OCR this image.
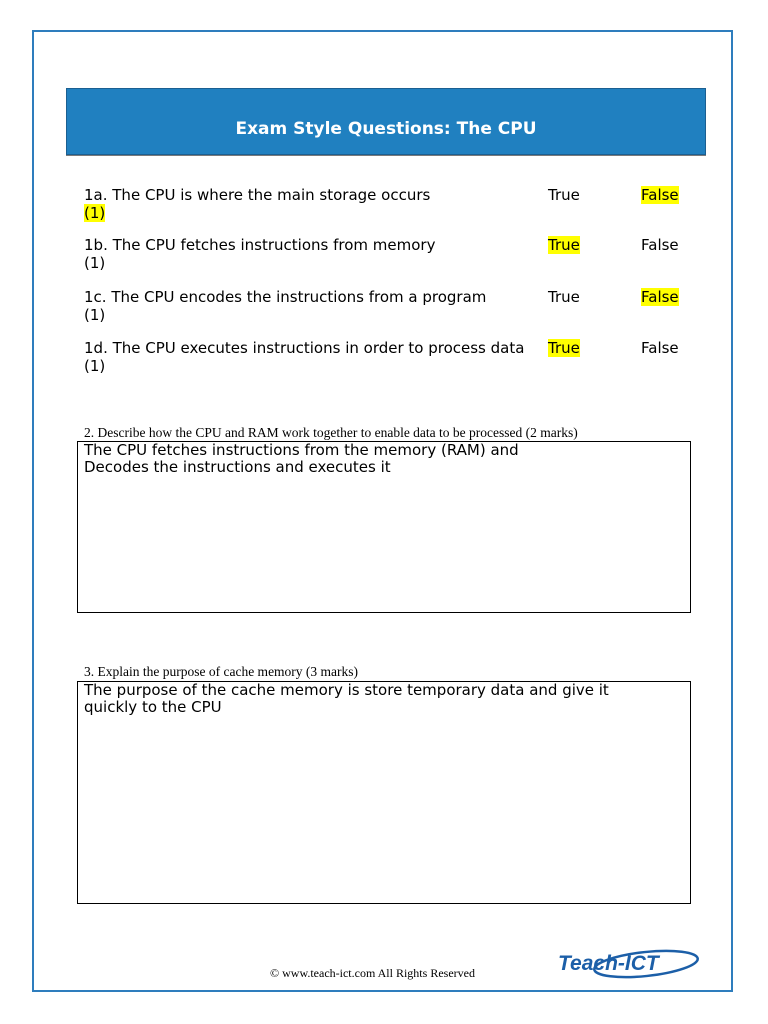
Exam Style Questions: The CPU
1a. The CPU is where the main storage occurs
(1)
True	False
1b. The CPU fetches instructions from memory
(1)
True	False
1c. The CPU encodes the instructions from a program
(1)
True	False
1d. The CPU executes instructions in order to process data
(1)
True	False
2. Describe how the CPU and RAM work together to enable data to be processed (2 marks)
The CPU fetches instructions from the memory (RAM) and
Decodes the instructions and executes it
3. Explain the purpose of cache memory (3 marks)
The purpose of the cache memory is store temporary data and give it
quickly to the CPU
© www.teach-ict.com All Rights Reserved	Teach-ICT
